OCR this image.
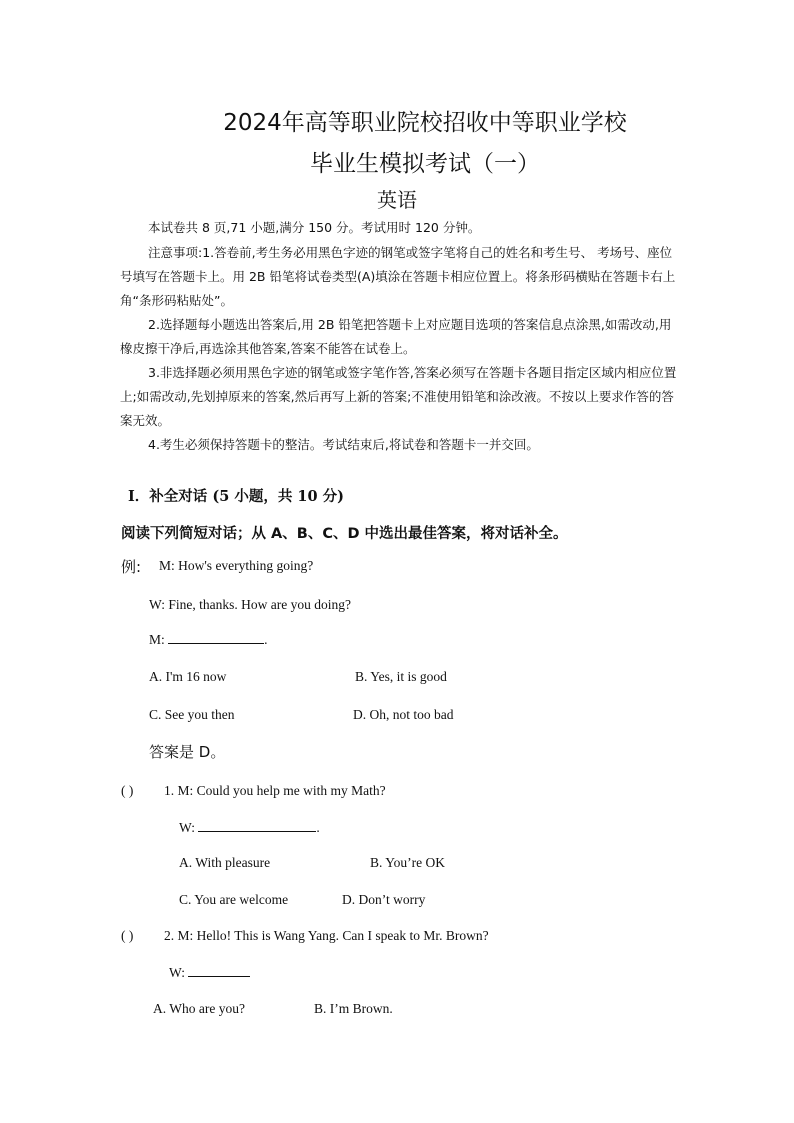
2024年高等职业院校招收中等职业学校
毕业生模拟考试（一）
英语
本试卷共 8 页,71 小题,满分 150 分。考试用时 120 分钟。
注意事项:1.答卷前,考生务必用黑色字迹的钢笔或签字笔将自己的姓名和考生号、 考场号、座位号填写在答题卡上。用 2B 铅笔将试卷类型(A)填涂在答题卡相应位置上。将条形码横贴在答题卡右上角“条形码粘贴处”。
2.选择题每小题选出答案后,用 2B 铅笔把答题卡上对应题目选项的答案信息点涂黑,如需改动,用橡皮擦干净后,再选涂其他答案,答案不能答在试卷上。
3.非选择题必须用黑色字迹的钢笔或签字笔作答,答案必须写在答题卡各题目指定区域内相应位置上;如需改动,先划掉原来的答案,然后再写上新的答案;不准使用铅笔和涂改液。不按以上要求作答的答案无效。
4.考生必须保持答题卡的整洁。考试结束后,将试卷和答题卡一并交回。
Ⅰ．补全对话 (5 小题，共 10 分)
阅读下列简短对话；从 A、B、C、D 中选出最佳答案，将对话补全。
例: M: How's everything going?
W: Fine, thanks. How are you doing?
M:	.
A. I'm 16 now	B. Yes, it is good
C. See you then	D. Oh, not too bad
答案是 D。
( ) 1. M: Could you help me with my Math?
W:	.
A. With pleasure	B. You’re OK
C. You are welcome	D. Don’t worry
( ) 2. M: Hello! This is Wang Yang. Can I speak to Mr. Brown?
W:
A. Who are you?	B. I’m Brown.
